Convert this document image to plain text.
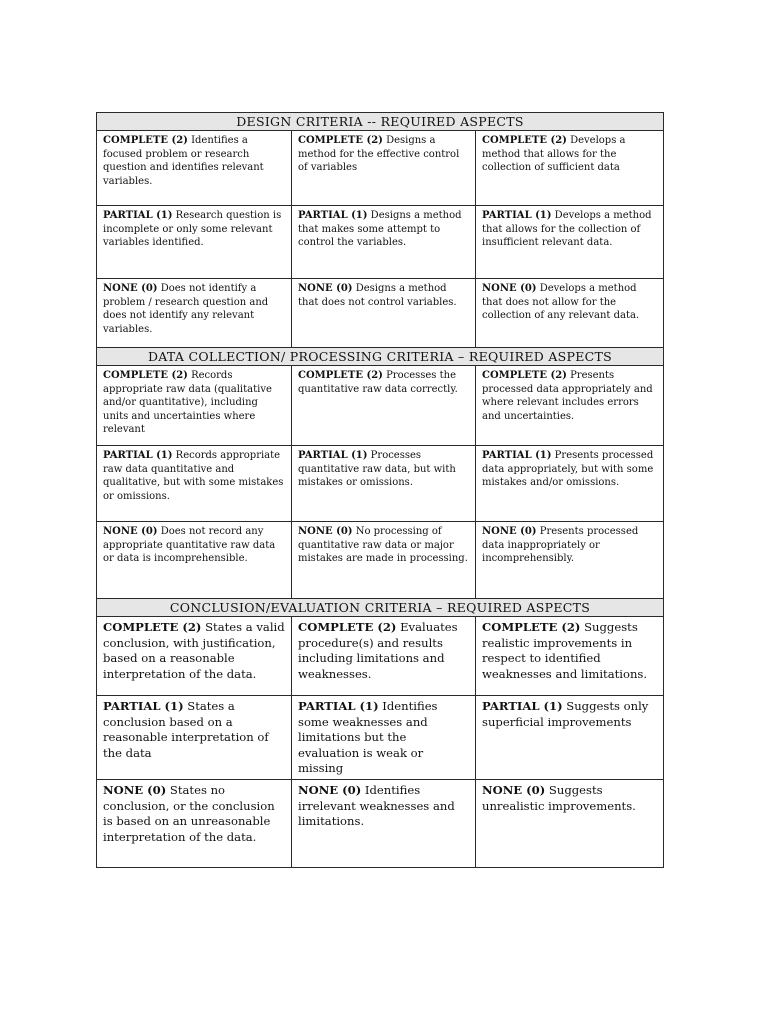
DESIGN CRITERIA -- REQUIRED ASPECTS		
COMPLETE (2) Identifies a focused problem or research question and identifies relevant variables.	COMPLETE (2) Designs a method for the effective control of variables	COMPLETE (2) Develops a method that allows for the collection of sufficient data
PARTIAL (1) Research question is incomplete or only some relevant variables identified.	PARTIAL (1) Designs a method that makes some attempt to control the variables.	PARTIAL (1) Develops a method that allows for the collection of insufficient relevant data.
NONE (0) Does not identify a problem / research question and does not identify any relevant variables.	NONE (0) Designs a method that does not control variables.	NONE (0) Develops a method that does not allow for the collection of any relevant data.
DATA COLLECTION/ PROCESSING CRITERIA – REQUIRED ASPECTS		
COMPLETE (2) Records appropriate raw data (qualitative and/or quantitative), including units and uncertainties where relevant	COMPLETE (2) Processes the quantitative raw data correctly.	COMPLETE (2) Presents processed data appropriately and where relevant includes errors and uncertainties.
PARTIAL (1) Records appropriate raw data quantitative and qualitative, but with some mistakes or omissions.	PARTIAL (1) Processes quantitative raw data, but with mistakes or omissions.	PARTIAL (1) Presents processed data appropriately, but with some mistakes and/or omissions.
NONE (0) Does not record any appropriate quantitative raw data or data is incomprehensible.	NONE (0) No processing of quantitative raw data or major mistakes are made in processing.	NONE (0) Presents processed data inappropriately or incomprehensibly.
CONCLUSION/EVALUATION CRITERIA – REQUIRED ASPECTS		
COMPLETE (2) States a valid conclusion, with justification, based on a reasonable interpretation of the data.	COMPLETE (2) Evaluates procedure(s) and results including limitations and weaknesses.	COMPLETE (2) Suggests realistic improvements in respect to identified weaknesses and limitations.
PARTIAL (1) States a conclusion based on a reasonable interpretation of the data	PARTIAL (1) Identifies some weaknesses and limitations but the evaluation is weak or missing	PARTIAL (1) Suggests only superficial improvements
NONE (0) States no conclusion, or the conclusion is based on an unreasonable interpretation of the data.	NONE (0) Identifies irrelevant weaknesses and limitations.	NONE (0) Suggests unrealistic improvements.
